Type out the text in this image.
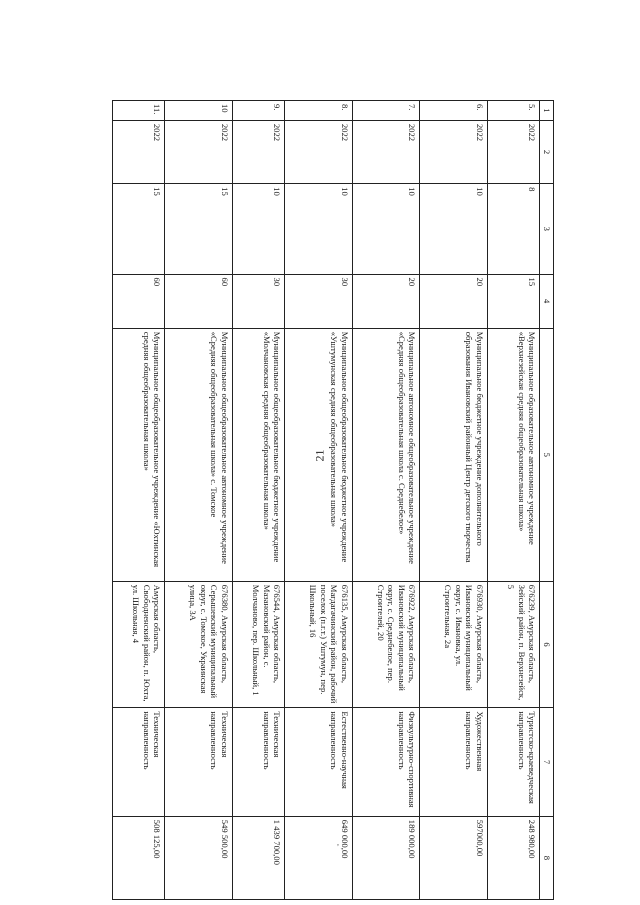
21
,
1	2	3	4	5	6	7	8
5.	2022	8	15	Муниципальное образовательное автономное учреждение «Верхнезейская средняя общеобразовательная школа»	676239, Амурская область, Зейский район, п. Верхнезейск, 5	Туристско-краеведческая направленность	248 980,00
6.	2022	10	20	Муниципальное бюджетное учреждение дополнительного образования Ивановский районный Центр детского творчества	676930, Амурская область, Ивановский муниципальный округ, с. Ивановка, ул. Строительная, 2а	Художественная направленность	597000,00
7.	2022	10	20	Муниципальное автономное общеобразовательное учреждение «Средняя общеобразовательная школа с. Среднебелое»	676922, Амурская область, Ивановский муниципальный округ, с. Среднебелое, пер. Строителей, 20	Физкультурно-спортивная направленность	189 000,00
8.	2022	10	30	Муниципальное общеобразовательное бюджетное учреждение «Уштумунская средняя общеобразовательная школа»	676135, Амурская область, Магдагачинский район, рабочий поселок (п.г.т.) Уштумун, пер. Школьный, 16	Естественно-научная направленность	649 000,00
9.	2022	10	30	Муниципальное общеобразовательное бюджетное учреждение «Молчановская средняя общеобразовательная школа»	676544, Амурская область, Мазановский район, с. Молчаново, пер. Школьный, 1	Техническая направленность	1 439 700,00
10	2022	15	60	Муниципальное общеобразовательное автономное учреждение «Средняя общеобразовательная школа» с. Томское	676380, Амурская область, Серышевский муниципальный округ, с. Томское, Украинская улица, 3А	Техническая направленность	549 500,00
11.	2022	15	60	Муниципальное общеобразовательное учреждение «Юхтинская средняя общеобразовательная школа»	Амурская область, Свободненский район, п. Юхта, ул. Школьная, 4	Техническая направленность	508 125,00
